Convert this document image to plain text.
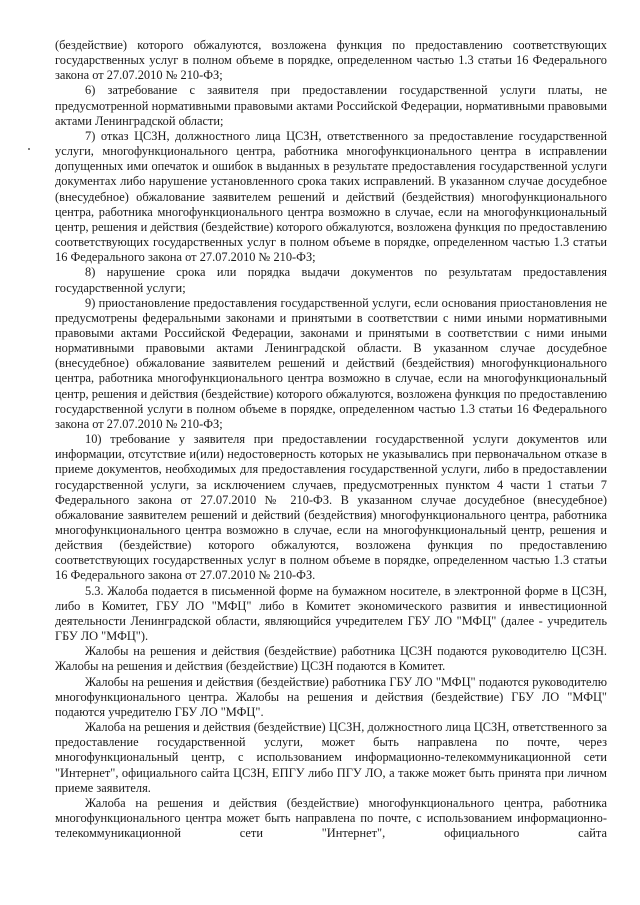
(бездействие) которого обжалуются, возложена функция по предоставлению соответствующих государственных услуг в полном объеме в порядке, определенном частью 1.3 статьи 16 Федерального закона от 27.07.2010 № 210-ФЗ;

6) затребование с заявителя при предоставлении государственной услуги платы, не предусмотренной нормативными правовыми актами Российской Федерации, нормативными правовыми актами Ленинградской области;

7) отказ ЦСЗН, должностного лица ЦСЗН, ответственного за предоставление государственной услуги, многофункционального центра, работника многофункционального центра в исправлении допущенных ими опечаток и ошибок в выданных в результате предоставления государственной услуги документах либо нарушение установленного срока таких исправлений. В указанном случае досудебное (внесудебное) обжалование заявителем решений и действий (бездействия) многофункционального центра, работника многофункционального центра возможно в случае, если на многофункциональный центр, решения и действия (бездействие) которого обжалуются, возложена функция по предоставлению соответствующих государственных услуг в полном объеме в порядке, определенном частью 1.3 статьи 16 Федерального закона от 27.07.2010 № 210-ФЗ;

8) нарушение срока или порядка выдачи документов по результатам предоставления государственной услуги;

9) приостановление предоставления государственной услуги, если основания приостановления не предусмотрены федеральными законами и принятыми в соответствии с ними иными нормативными правовыми актами Российской Федерации, законами и принятыми в соответствии с ними иными нормативными правовыми актами Ленинградской области. В указанном случае досудебное (внесудебное) обжалование заявителем решений и действий (бездействия) многофункционального центра, работника многофункционального центра возможно в случае, если на многофункциональный центр, решения и действия (бездействие) которого обжалуются, возложена функция по предоставлению государственной услуги в полном объеме в порядке, определенном частью 1.3 статьи 16 Федерального закона от 27.07.2010 № 210-ФЗ;

10) требование у заявителя при предоставлении государственной услуги документов или информации, отсутствие и(или) недостоверность которых не указывались при первоначальном отказе в приеме документов, необходимых для предоставления государственной услуги, либо в предоставлении государственной услуги, за исключением случаев, предусмотренных пунктом 4 части 1 статьи 7 Федерального закона от 27.07.2010 № 210-ФЗ. В указанном случае досудебное (внесудебное) обжалование заявителем решений и действий (бездействия) многофункционального центра, работника многофункционального центра возможно в случае, если на многофункциональный центр, решения и действия (бездействие) которого обжалуются, возложена функция по предоставлению соответствующих государственных услуг в полном объеме в порядке, определенном частью 1.3 статьи 16 Федерального закона от 27.07.2010 № 210-ФЗ.

5.3. Жалоба подается в письменной форме на бумажном носителе, в электронной форме в ЦСЗН, либо в Комитет, ГБУ ЛО "МФЦ" либо в Комитет экономического развития и инвестиционной деятельности Ленинградской области, являющийся учредителем ГБУ ЛО "МФЦ" (далее - учредитель ГБУ ЛО "МФЦ").

Жалобы на решения и действия (бездействие) работника ЦСЗН подаются руководителю ЦСЗН. Жалобы на решения и действия (бездействие) ЦСЗН подаются в Комитет.

Жалобы на решения и действия (бездействие) работника ГБУ ЛО "МФЦ" подаются руководителю многофункционального центра. Жалобы на решения и действия (бездействие) ГБУ ЛО "МФЦ" подаются учредителю ГБУ ЛО "МФЦ".

Жалоба на решения и действия (бездействие) ЦСЗН, должностного лица ЦСЗН, ответственного за предоставление государственной услуги, может быть направлена по почте, через многофункциональный центр, с использованием информационно-телекоммуникационной сети "Интернет", официального сайта ЦСЗН, ЕПГУ либо ПГУ ЛО, а также может быть принята при личном приеме заявителя.

Жалоба на решения и действия (бездействие) многофункционального центра, работника многофункционального центра может быть направлена по почте, с использованием информационно-телекоммуникационной сети "Интернет", официального сайта
